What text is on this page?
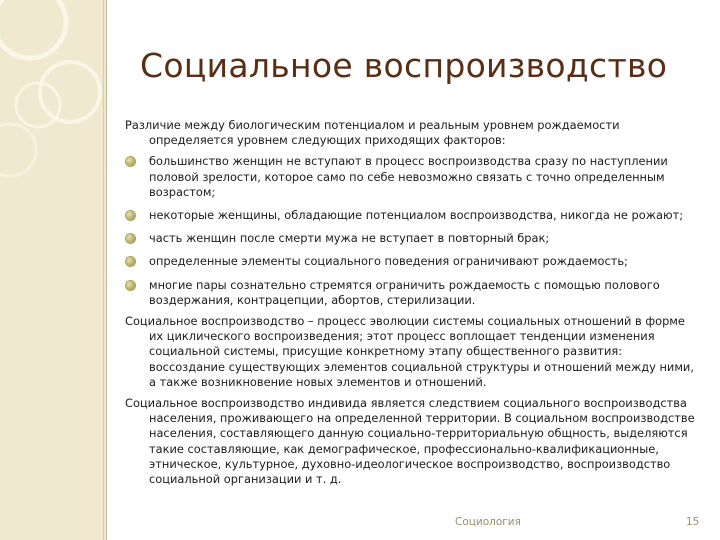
Социальное воспроизводство

Различие между биологическим потенциалом и реальным уровнем рождаемости определяется уровнем следующих приходящих факторов:

большинство женщин не вступают в процесс воспроизводства сразу по наступлении половой зрелости, которое само по себе невозможно связать с точно определенным возрастом;
некоторые женщины, обладающие потенциалом воспроизводства, никогда не рожают;
часть женщин после смерти мужа не вступает в повторный брак;
определенные элементы социального поведения ограничивают рождаемость;
многие пары сознательно стремятся ограничить рождаемость с помощью полового воздержания, контрацепции, абортов, стерилизации.

Социальное воспроизводство – процесс эволюции системы социальных отношений в форме их циклического воспроизведения; этот процесс воплощает тенденции изменения социальной системы, присущие конкретному этапу общественного развития: воссоздание существующих элементов социальной структуры и отношений между ними, а также возникновение новых элементов и отношений.

Социальное воспроизводство индивида является следствием социального воспроизводства населения, проживающего на определенной территории. В социальном воспроизводстве населения, составляющего данную социально-территориальную общность, выделяются такие составляющие, как демографическое, профессионально-квалификационные, этническое, культурное, духовно-идеологическое воспроизводство, воспроизводство социальной организации и т. д.

Социология	15
